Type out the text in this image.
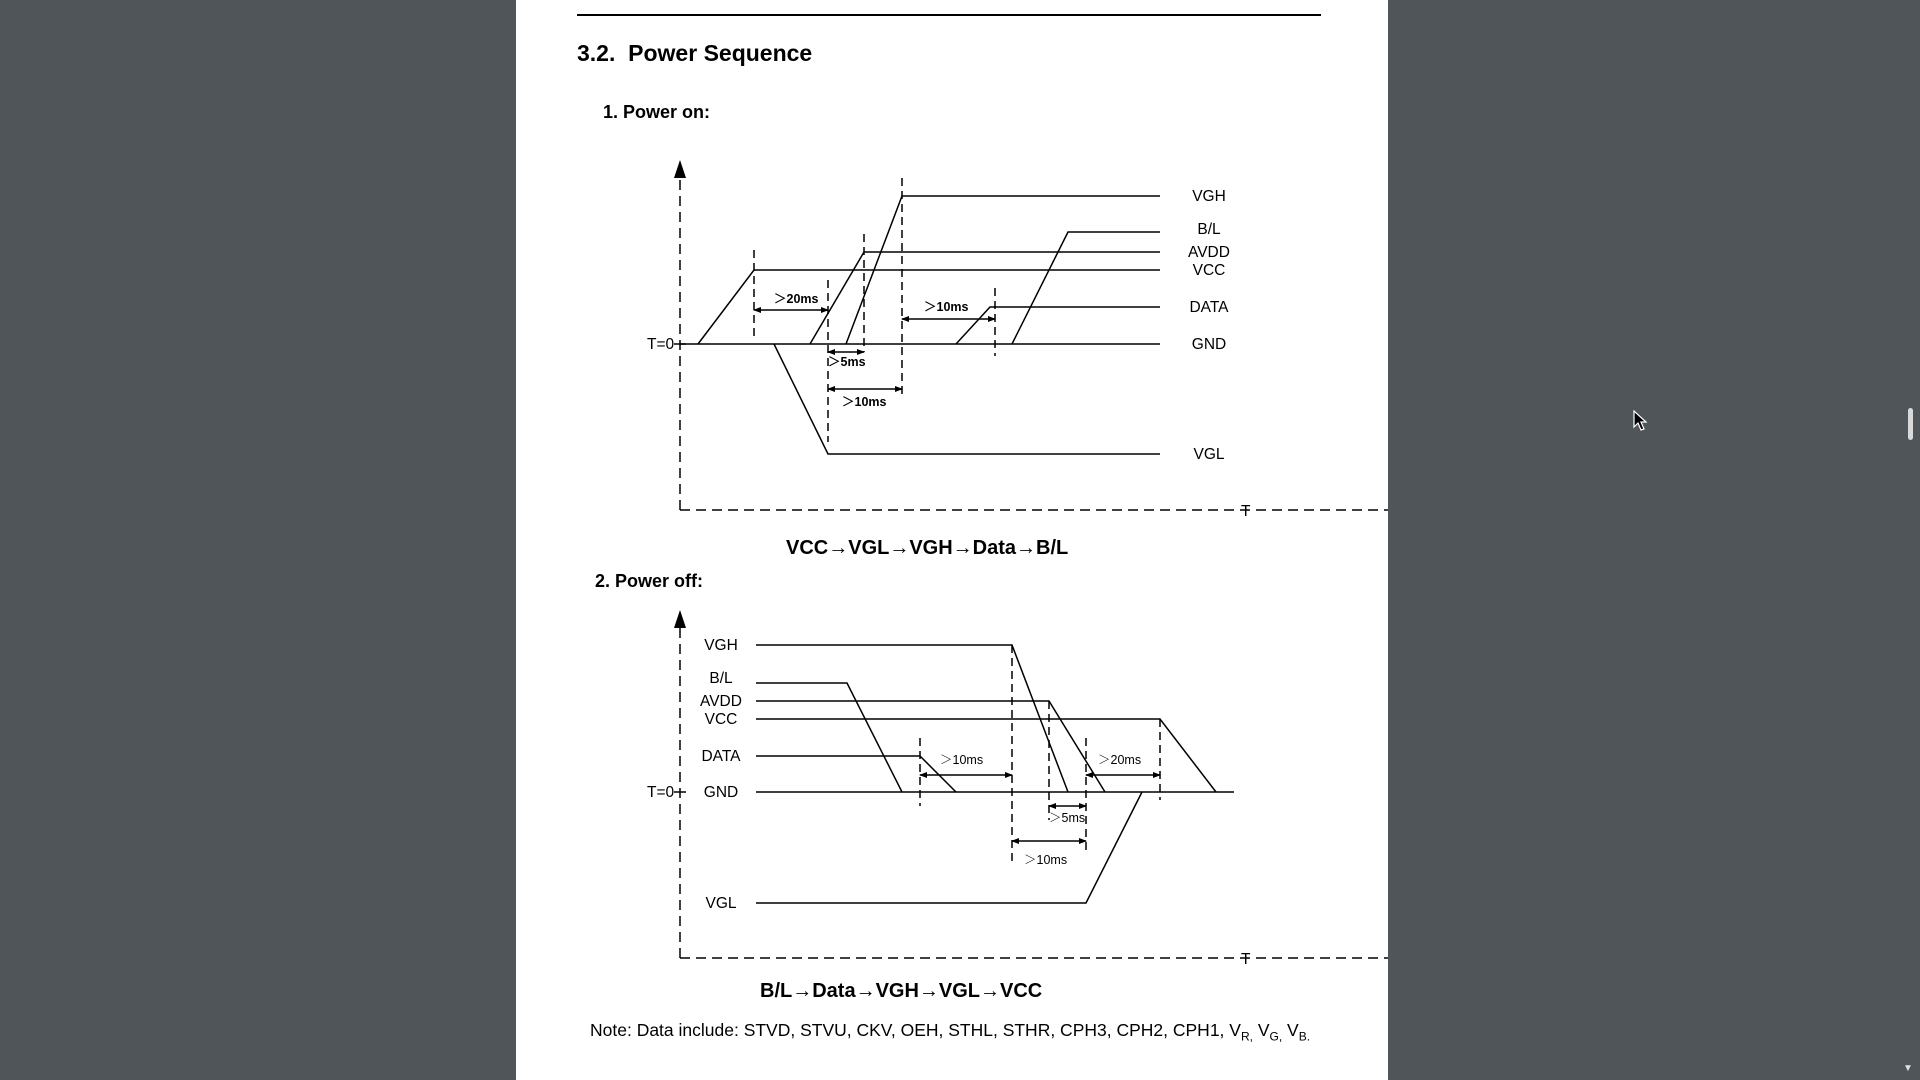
3.2. Power Sequence
1. Power on:
T=0
T
VGH
B/L
AVDD
VCC
DATA
GND
VGL
＞20ms
＞5ms
＞10ms
＞10ms
VCC→VGL→VGH→Data→B/L
2. Power off:
T=0
T
VGH
B/L
AVDD
VCC
DATA
GND
VGL
＞10ms	＞20ms
＞5ms
＞10ms
B/L→Data→VGH→VGL→VCC
Note: Data include: STVD, STVU, CKV, OEH, STHL, STHR, CPH3, CPH2, CPH1, $V_{R,}$ $V_{G,}$ $V_{B.}$
▼
